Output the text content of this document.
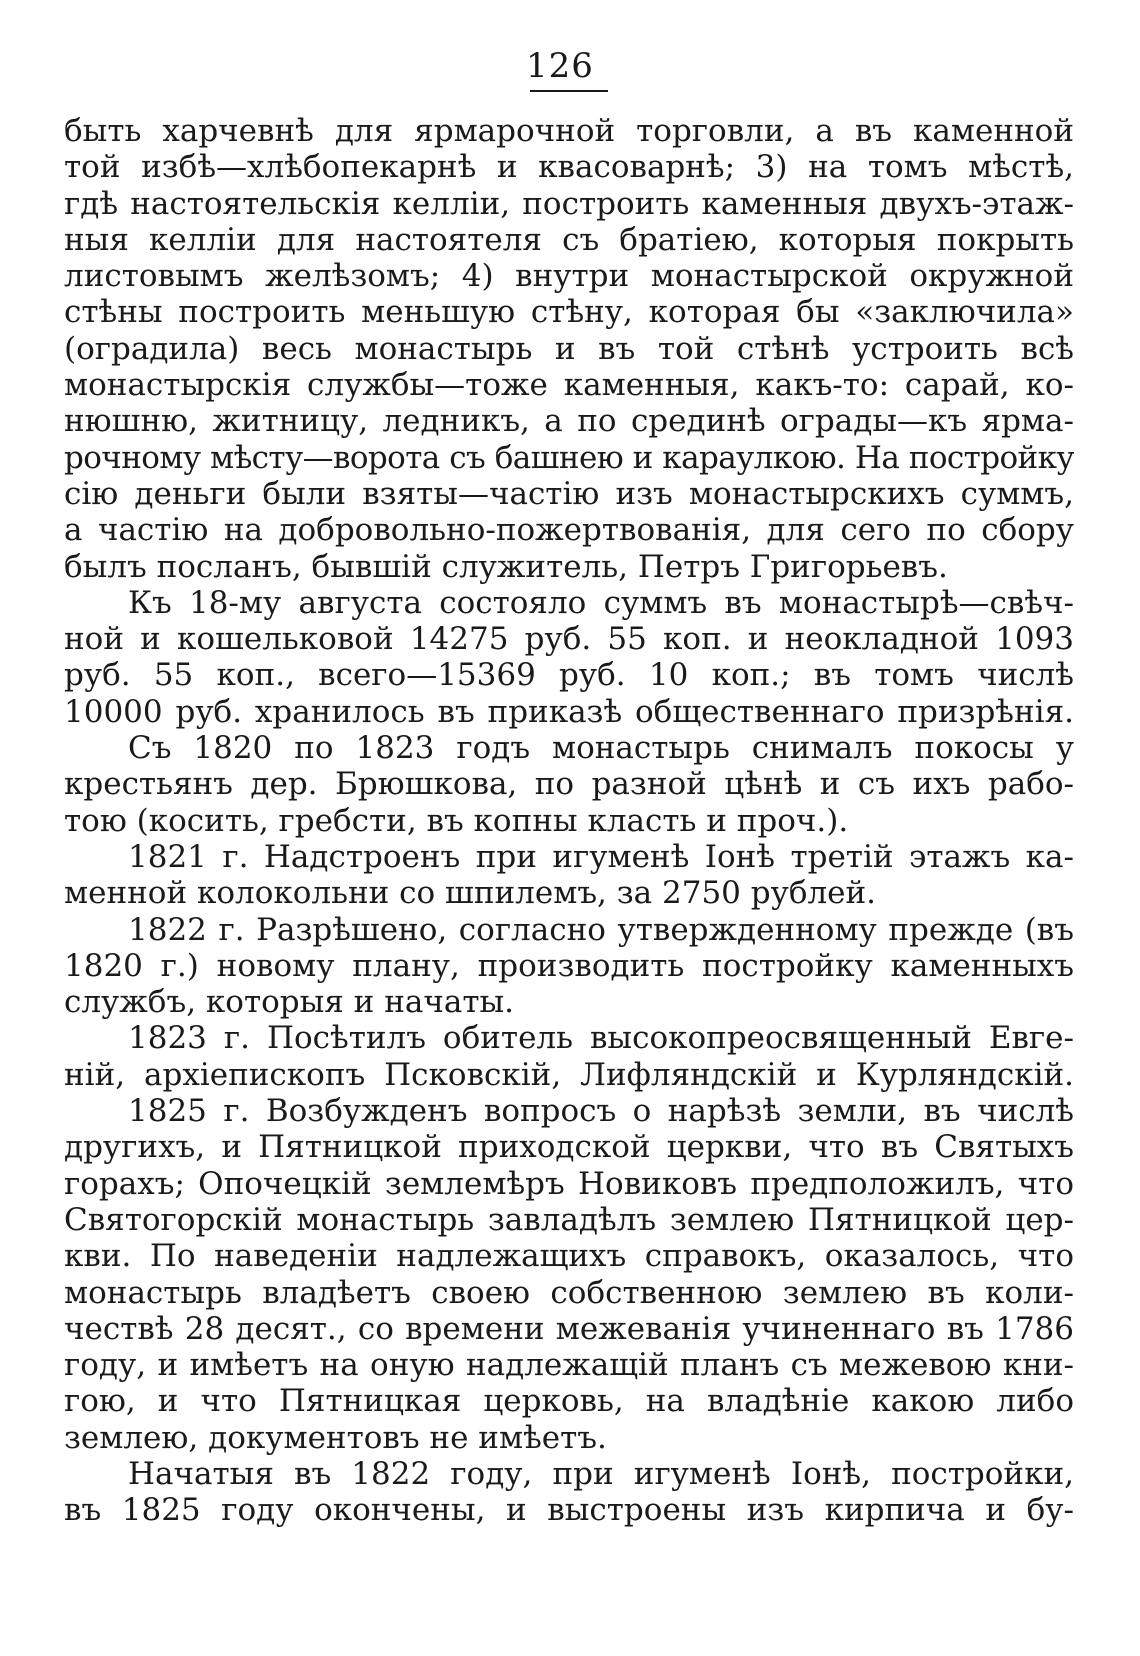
126
быть харчевнѣ для ярмарочной торговли, а въ каменной
той избѣ—хлѣбопекарнѣ и квасоварнѣ; 3) на томъ мѣстѣ,
гдѣ настоятельскія келліи, построить каменныя двухъ-этаж-
ныя келліи для настоятеля съ братіею, которыя покрыть
листовымъ желѣзомъ; 4) внутри монастырской окружной
стѣны построить меньшую стѣну, которая бы «заключила»
(оградила) весь монастырь и въ той стѣнѣ устроить всѣ
монастырскія службы—тоже каменныя, какъ-то: сарай, ко-
нюшню, житницу, ледникъ, а по срединѣ ограды—къ ярма-
рочному мѣсту—ворота съ башнею и караулкою. На постройку
сію деньги были взяты—частію изъ монастырскихъ суммъ,
а частію на добровольно-пожертвованія, для сего по сбору
былъ посланъ, бывшій служитель, Петръ Григорьевъ.
Къ 18-му августа состояло суммъ въ монастырѣ—свѣч-
ной и кошельковой 14275 руб. 55 коп. и неокладной 1093
руб. 55 коп., всего—15369 руб. 10 коп.; въ томъ числѣ
10000 руб. хранилось въ приказѣ общественнаго призрѣнія.
Съ 1820 по 1823 годъ монастырь снималъ покосы у
крестьянъ дер. Брюшкова, по разной цѣнѣ и съ ихъ рабо-
тою (косить, гребсти, въ копны класть и проч.).
1821 г. Надстроенъ при игуменѣ Іонѣ третій этажъ ка-
менной колокольни со шпилемъ, за 2750 рублей.
1822 г. Разрѣшено, согласно утвержденному прежде (въ
1820 г.) новому плану, производить постройку каменныхъ
службъ, которыя и начаты.
1823 г. Посѣтилъ обитель высокопреосвященный Евге-
ній, архіепископъ Псковскій, Лифляндскій и Курляндскій.
1825 г. Возбужденъ вопросъ о нарѣзѣ земли, въ числѣ
другихъ, и Пятницкой приходской церкви, что въ Святыхъ
горахъ; Опочецкій землемѣръ Новиковъ предположилъ, что
Святогорскій монастырь завладѣлъ землею Пятницкой цер-
кви. По наведеніи надлежащихъ справокъ, оказалось, что
монастырь владѣетъ своею собственною землею въ коли-
чествѣ 28 десят., со времени межеванія учиненнаго въ 1786
году, и имѣетъ на оную надлежащій планъ съ межевою кни-
гою, и что Пятницкая церковь, на владѣніе какою либо
землею, документовъ не имѣетъ.
Начатыя въ 1822 году, при игуменѣ Іонѣ, постройки,
въ 1825 году окончены, и выстроены изъ кирпича и бу-
